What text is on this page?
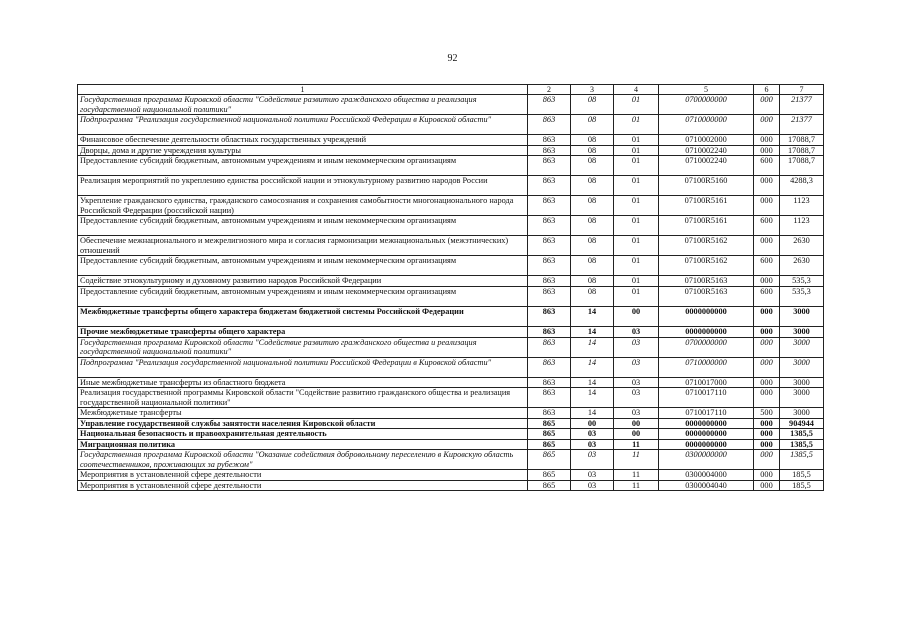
92
1	2	3	4	5	6	7
Государственная программа Кировской области "Содействие развитию гражданского общества и реализация государственной национальной политики"	863	08	01	0700000000	000	21377
Подпрограмма "Реализация государственной национальной политики Российской Федерации в Кировской области"	863	08	01	0710000000	000	21377
Финансовое обеспечение деятельности областных государственных учреждений	863	08	01	0710002000	000	17088,7
Дворцы, дома и другие учреждения культуры	863	08	01	0710002240	000	17088,7
Предоставление субсидий бюджетным, автономным учреждениям и иным некоммерческим организациям	863	08	01	0710002240	600	17088,7
Реализация мероприятий по укреплению единства российской нации и этнокультурному развитию народов России	863	08	01	07100R5160	000	4288,3
Укрепление гражданского единства, гражданского самосознания и сохранения самобытности многонационального народа Российской Федерации (российской нации)	863	08	01	07100R5161	000	1123
Предоставление субсидий бюджетным, автономным учреждениям и иным некоммерческим организациям	863	08	01	07100R5161	600	1123
Обеспечение межнационального и межрелигиозного мира и согласия гармонизации межнациональных (межэтнических) отношений	863	08	01	07100R5162	000	2630
Предоставление субсидий бюджетным, автономным учреждениям и иным некоммерческим организациям	863	08	01	07100R5162	600	2630
Содействие этнокультурному и духовному развитию народов Российской Федерации	863	08	01	07100R5163	000	535,3
Предоставление субсидий бюджетным, автономным учреждениям и иным некоммерческим организациям	863	08	01	07100R5163	600	535,3
Межбюджетные трансферты общего характера бюджетам бюджетной системы Российской Федерации	863	14	00	0000000000	000	3000
Прочие межбюджетные трансферты общего характера	863	14	03	0000000000	000	3000
Государственная программа Кировской области "Содействие развитию гражданского общества и реализация государственной национальной политики"	863	14	03	0700000000	000	3000
Подпрограмма "Реализация государственной национальной политики Российской Федерации в Кировской области"	863	14	03	0710000000	000	3000
Иные межбюджетные трансферты из областного бюджета	863	14	03	0710017000	000	3000
Реализация государственной программы Кировской области "Содействие развитию гражданского общества и реализация государственной национальной политики"	863	14	03	0710017110	000	3000
Межбюджетные трансферты	863	14	03	0710017110	500	3000
Управление государственной службы занятости населения Кировской области	865	00	00	0000000000	000	904944
Национальная безопасность и правоохранительная деятельность	865	03	00	0000000000	000	1385,5
Миграционная политика	865	03	11	0000000000	000	1385,5
Государственная программа Кировской области "Оказание содействия добровольному переселению в Кировскую область соотечественников, проживающих за рубежом"	865	03	11	0300000000	000	1385,5
Мероприятия в установленной сфере деятельности	865	03	11	0300004000	000	185,5
Мероприятия в установленной сфере деятельности	865	03	11	0300004040	000	185,5
